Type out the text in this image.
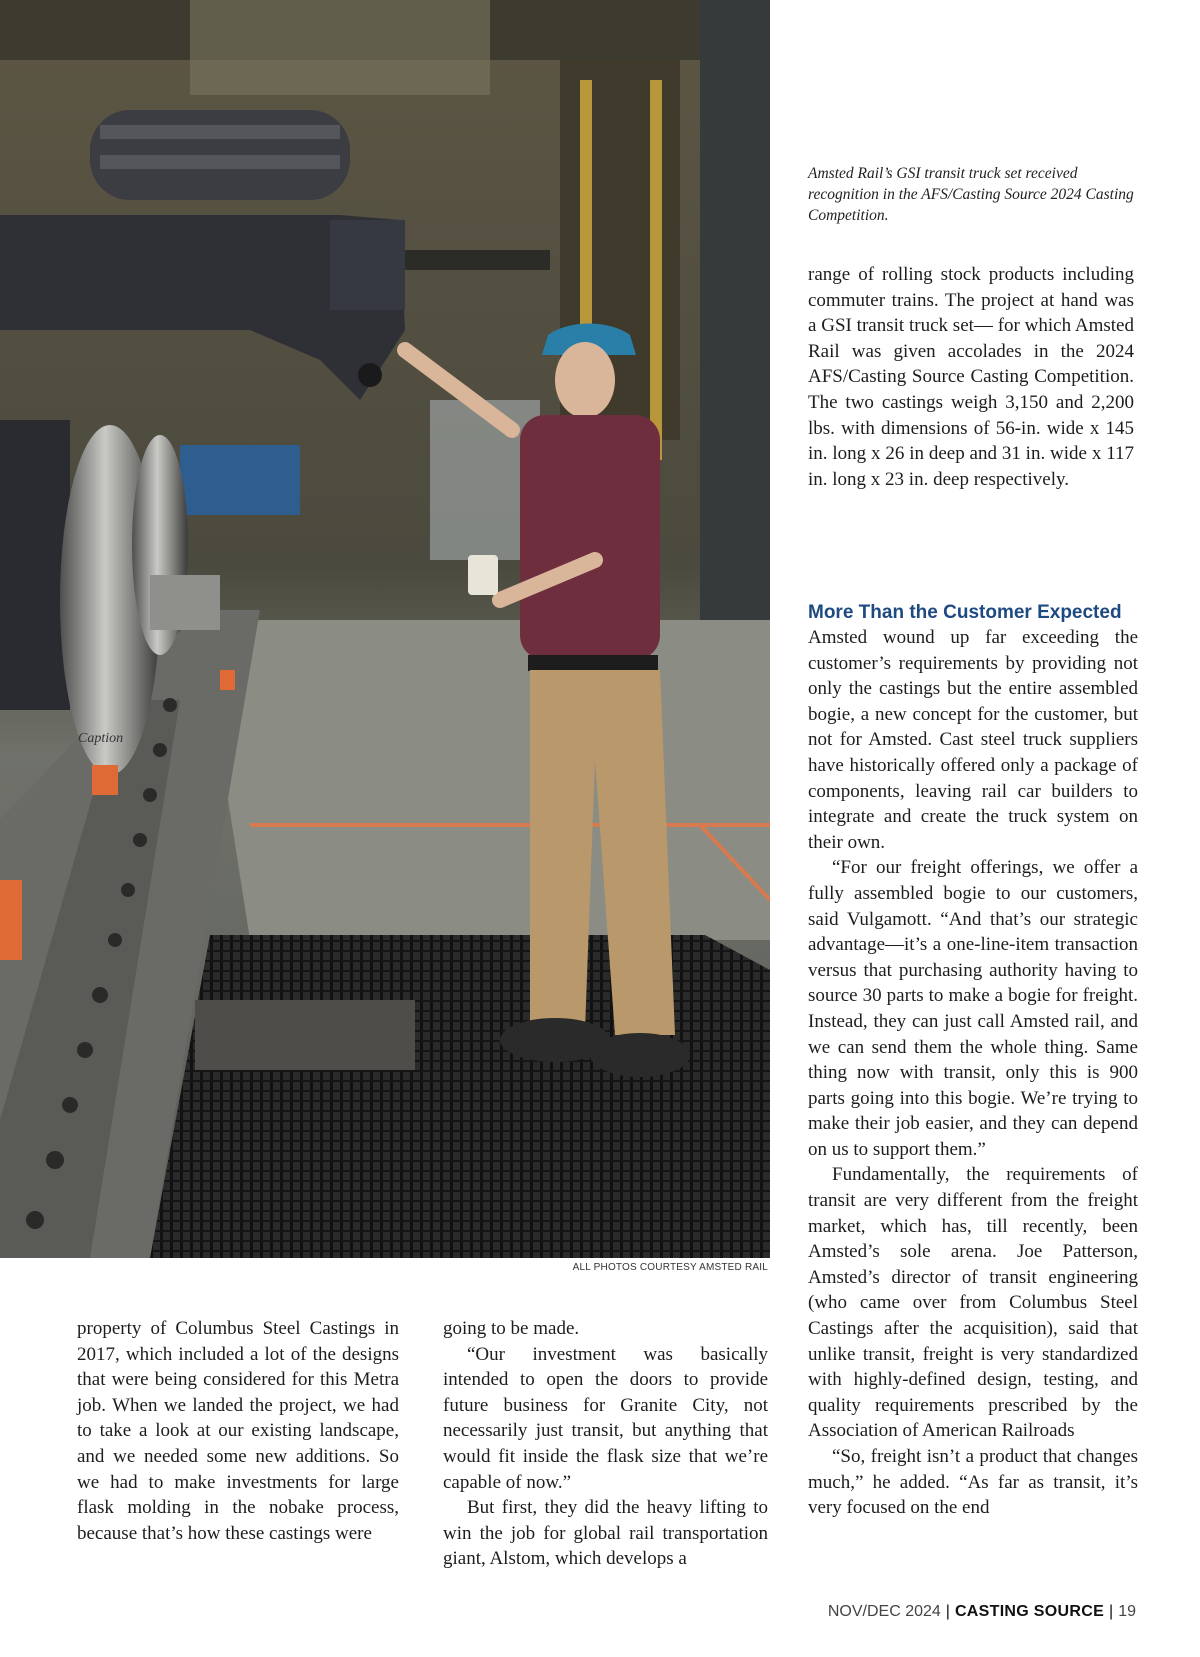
Caption
ALL PHOTOS COURTESY AMSTED RAIL
Amsted Rail’s GSI transit truck set received recognition in the AFS/Casting Source 2024 Casting Competition.

range of rolling stock products including commuter trains. The project at hand was a GSI transit truck set— for which Amsted Rail was given accolades in the 2024 AFS/Casting Source Casting Competition. The two castings weigh 3,150 and 2,200 lbs. with dimensions of 56-in. wide x 145 in. long x 26 in deep and 31 in. wide x 117 in. long x 23 in. deep respectively.

More Than the Customer Expected

Amsted wound up far exceeding the customer’s requirements by providing not only the castings but the entire assembled bogie, a new concept for the customer, but not for Amsted. Cast steel truck suppliers have historically offered only a package of components, leaving rail car builders to integrate and create the truck system on their own.

“For our freight offerings, we offer a fully assembled bogie to our customers, said Vulgamott. “And that’s our strategic advantage—it’s a one-line-item transaction versus that purchasing authority having to source 30 parts to make a bogie for freight. Instead, they can just call Amsted rail, and we can send them the whole thing. Same thing now with transit, only this is 900 parts going into this bogie. We’re trying to make their job easier, and they can depend on us to support them.”

Fundamentally, the requirements of transit are very different from the freight market, which has, till recently, been Amsted’s sole arena. Joe Patterson, Amsted’s director of transit engineering (who came over from Columbus Steel Castings after the acquisition), said that unlike transit, freight is very standardized with highly-defined design, testing, and quality requirements prescribed by the Association of American Railroads

“So, freight isn’t a product that changes much,” he added. “As far as transit, it’s very focused on the end

property of Columbus Steel Castings in 2017, which included a lot of the designs that were being considered for this Metra job. When we landed the project, we had to take a look at our existing landscape, and we needed some new additions. So we had to make investments for large flask molding in the nobake process, because that’s how these castings were

going to be made.

“Our investment was basically intended to open the doors to provide future business for Granite City, not necessarily just transit, but anything that would fit inside the flask size that we’re capable of now.”

But first, they did the heavy lifting to win the job for global rail transportation giant, Alstom, which develops a

NOV/DEC 2024 | CASTING SOURCE | 19
